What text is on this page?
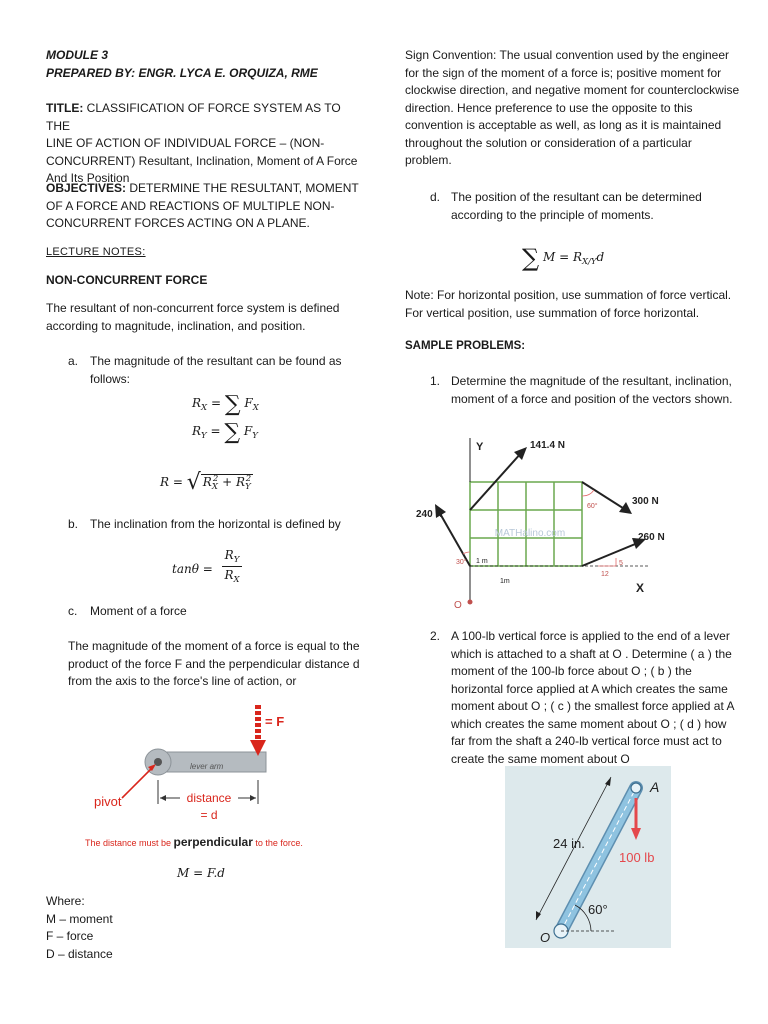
MODULE 3
PREPARED BY: ENGR. LYCA E. ORQUIZA, RME
TITLE: CLASSIFICATION OF FORCE SYSTEM AS TO THE
LINE OF ACTION OF INDIVIDUAL FORCE – (NON-
CONCURRENT) Resultant, Inclination, Moment of A Force
And Its Position
OBJECTIVES: DETERMINE THE RESULTANT, MOMENT
OF A FORCE AND REACTIONS OF MULTIPLE NON-
CONCURRENT FORCES ACTING ON A PLANE.
LECTURE NOTES:
NON-CONCURRENT FORCE
The resultant of non-concurrent force system is defined
according to magnitude, inclination, and position.
a. The magnitude of the resultant can be found as
follows:
$R_X$ = ∑ $F_X$
$R_Y$ = ∑ $F_Y$
R = √ $R_X^2 + R_Y^2$
b. The inclination from the horizontal is defined by
tanθ =
$R_Y$
$R_X$
c. Moment of a force
The magnitude of the moment of a force is equal to the
product of the force F and the perpendicular distance d
from the axis to the force's line of action, or
lever arm
= F
pivot	distance
= d
The distance must be perpendicular to the force.
M = F.d
Where:
M – moment
F – force
D – distance
Sign Convention: The usual convention used by the engineer
for the sign of the moment of a force is; positive moment for
clockwise direction, and negative moment for counterclockwise
direction. Hence preference to use the opposite to this
convention is acceptable as well, as long as it is maintained
throughout the solution or consideration of a particular
problem.
d. The position of the resultant can be determined
according to the principle of moments.
∑ $M = R_{X/Y}d$
Note: For horizontal position, use summation of force vertical.
For vertical position, use summation of force horizontal.
SAMPLE PROBLEMS:
1. Determine the magnitude of the resultant, inclination,
moment of a force and position of the vectors shown.
Y
X
MATHalino.com
141.4 N
300 N
60°
240 N
30°
260 N
5
12
1 m
1m
O
2. A 100-lb vertical force is applied to the end of a lever
which is attached to a shaft at O . Determine ( a ) the
moment of the 100-lb force about O ; ( b ) the
horizontal force applied at A which creates the same
moment about O ; ( c ) the smallest force applied at A
which creates the same moment about O ; ( d ) how
far from the shaft a 240-lb vertical force must act to
create the same moment about O
24 in.
100 lb
A
60°
O
